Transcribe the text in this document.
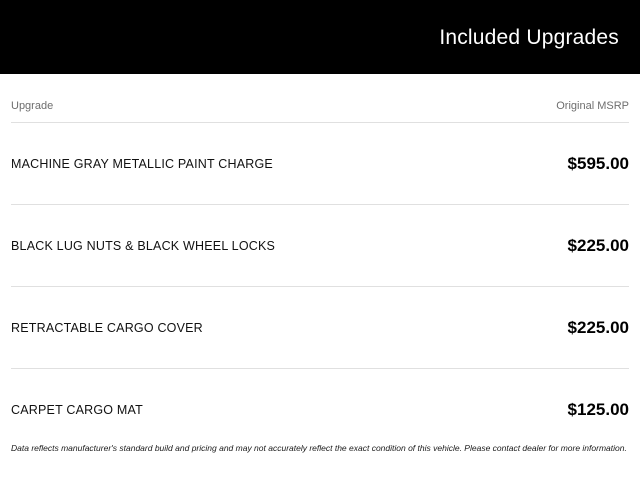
Included Upgrades
Upgrade	Original MSRP
MACHINE GRAY METALLIC PAINT CHARGE	$595.00
BLACK LUG NUTS & BLACK WHEEL LOCKS	$225.00
RETRACTABLE CARGO COVER	$225.00
CARPET CARGO MAT	$125.00
Data reflects manufacturer's standard build and pricing and may not accurately reflect the exact condition of this vehicle. Please contact dealer for more information.
